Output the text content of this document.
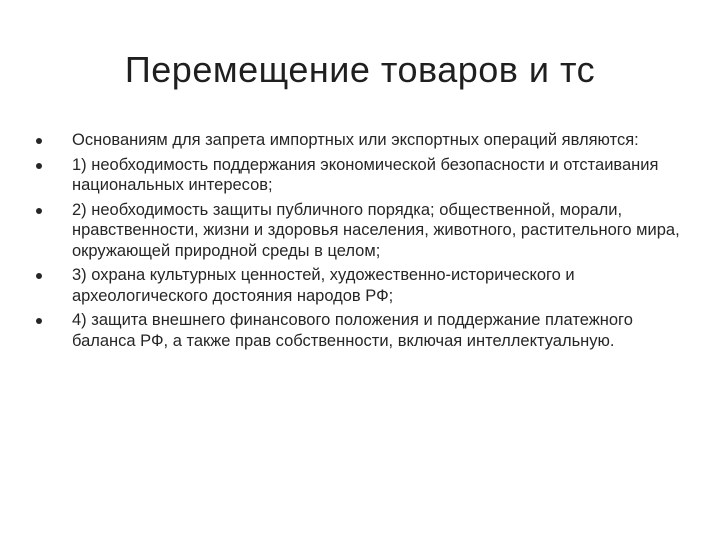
Перемещение товаров и тс
Основаниям для запрета импортных или экспортных операций являются:
1) необходимость поддержания экономической безопасности и отстаивания национальных интересов;
2) необходимость защиты публичного порядка; общественной, морали, нравственности, жизни и здоровья населения, животного, растительного мира, окружающей природной среды в целом;
3) охрана культурных ценностей, художественно-исторического и археологического достояния народов РФ;
4) защита внешнего финансового положения и поддержание платежного баланса РФ, а также прав собственности, включая интеллектуальную.
